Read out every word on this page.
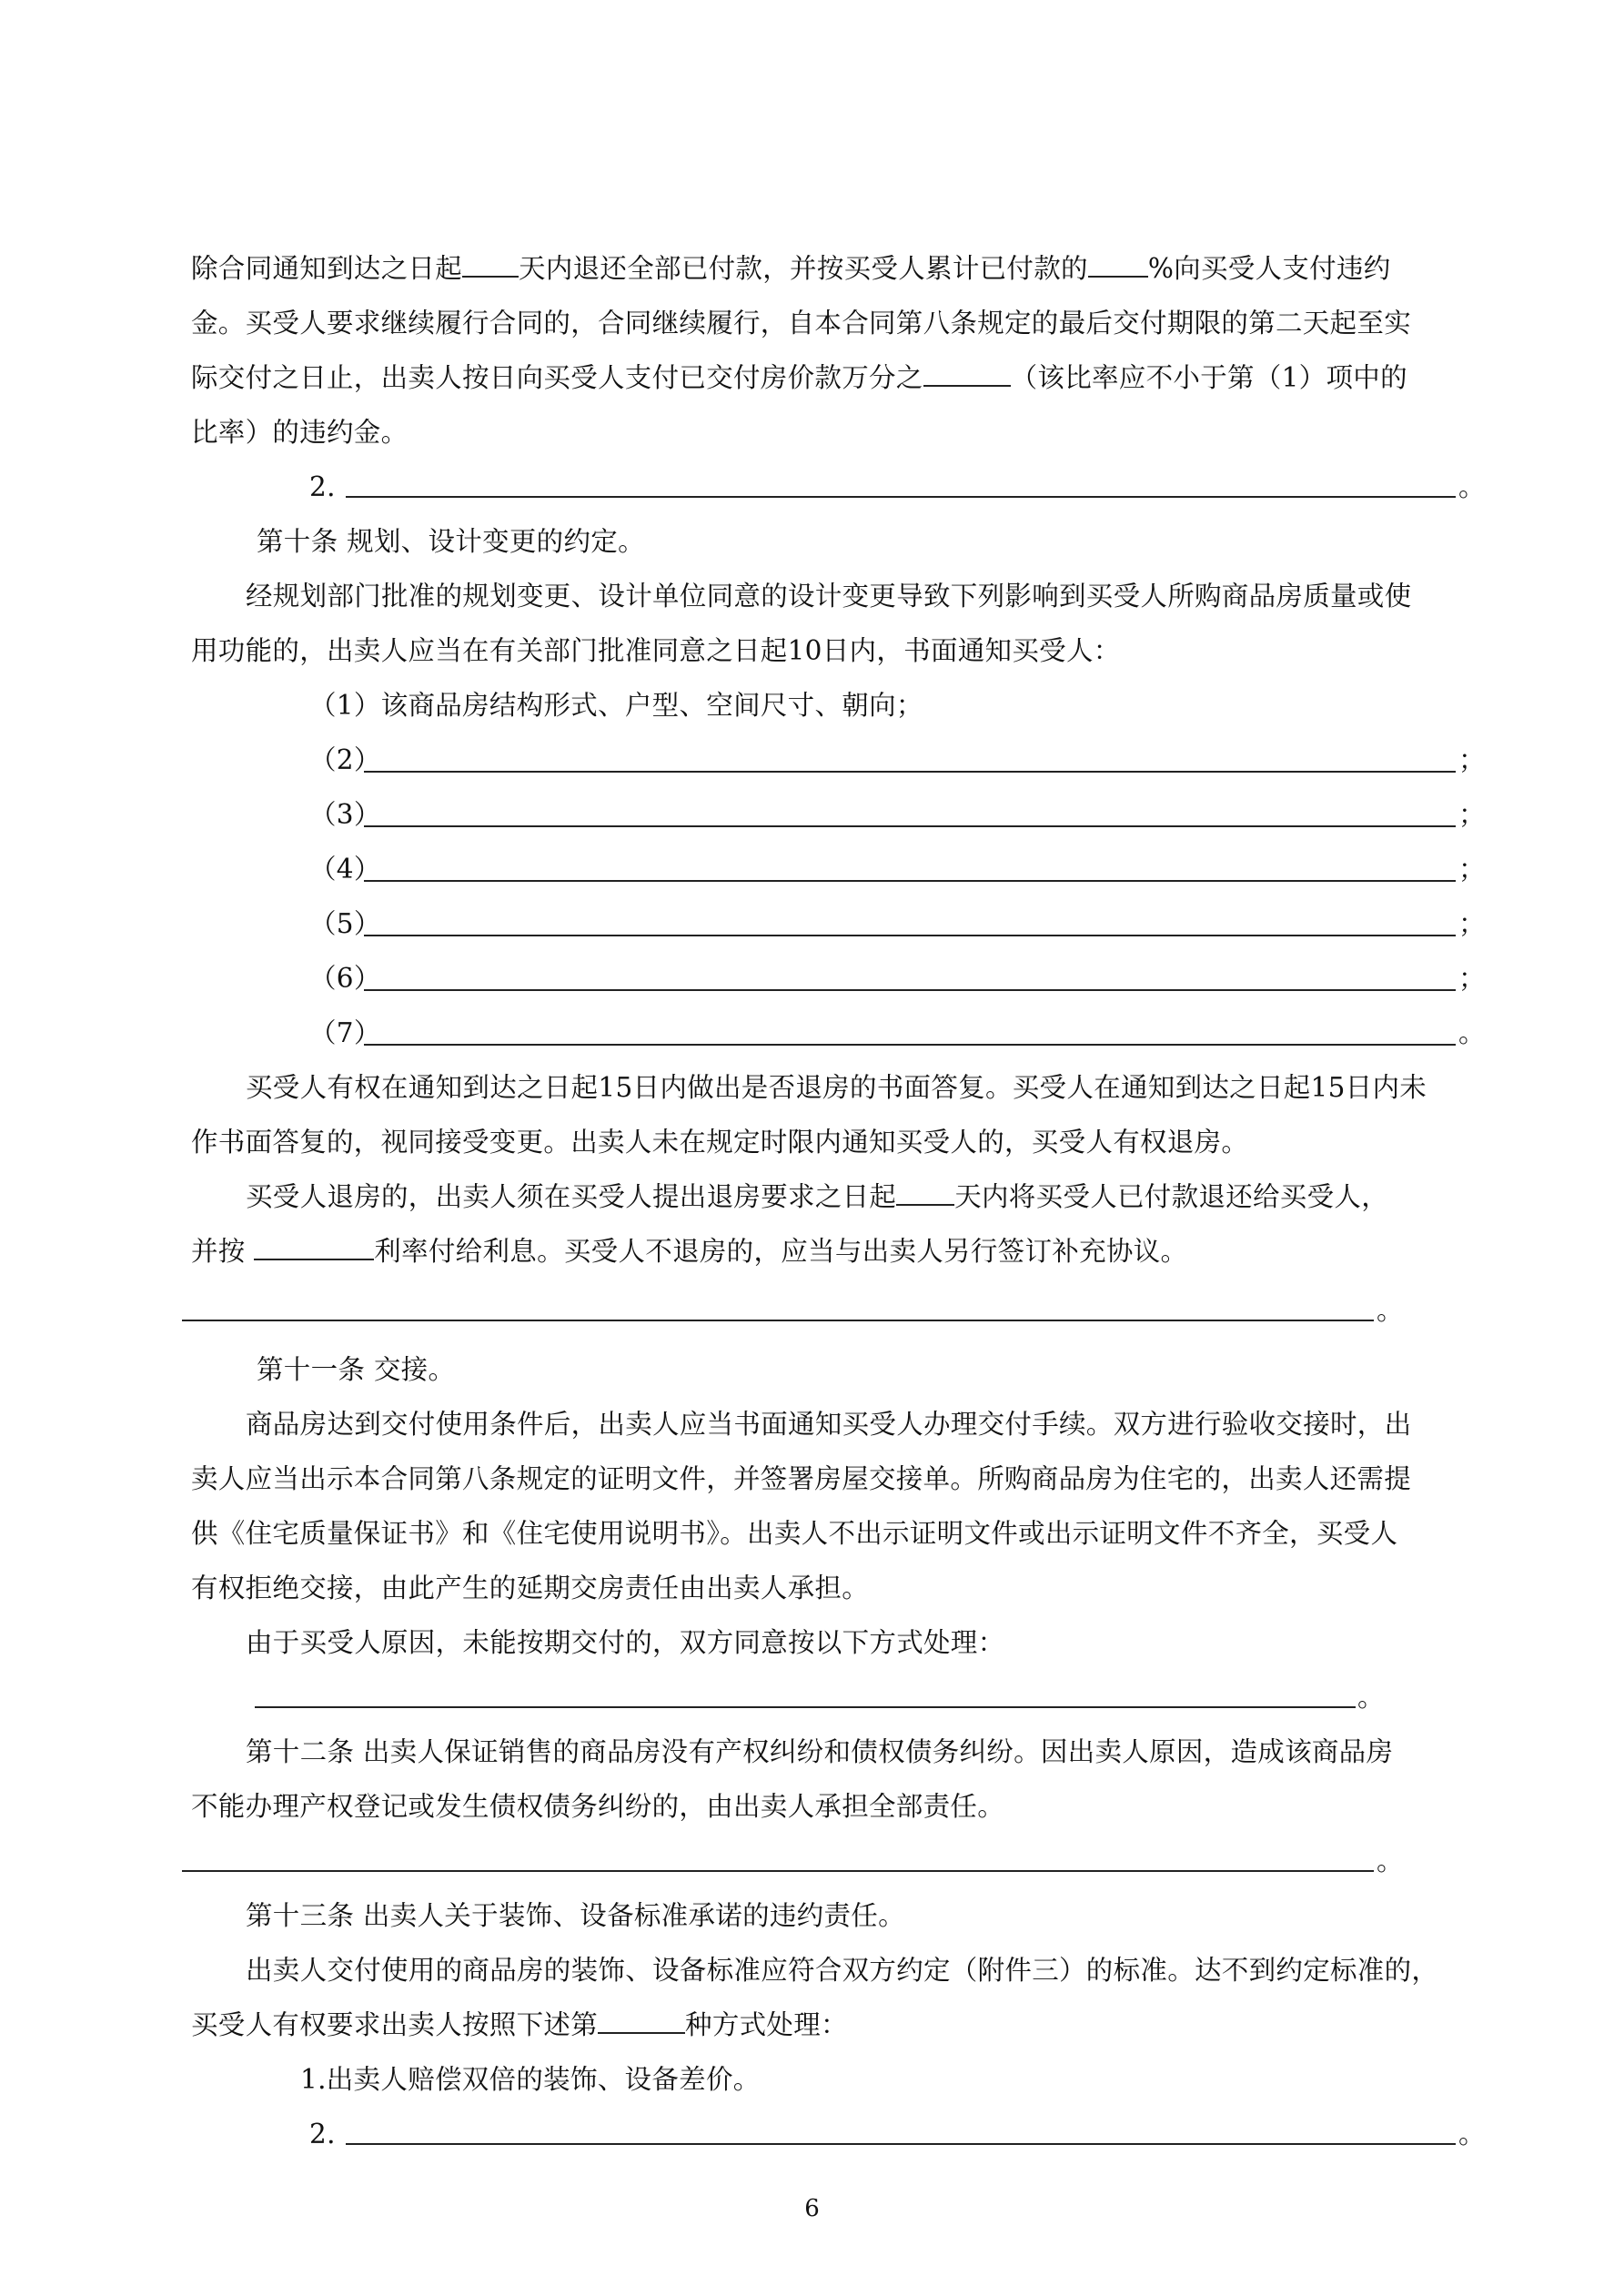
除合同通知到达之日起 天内退还全部已付款，并按买受人累计已付款的 %向买受人支付违约
金。买受人要求继续履行合同的，合同继续履行，自本合同第八条规定的最后交付期限的第二天起至实
际交付之日止，出卖人按日向买受人支付已交付房价款万分之	（该比率应不小于第（1）项中的
比率）的违约金。
2.	。
第十条 规划、设计变更的约定。
经规划部门批准的规划变更、设计单位同意的设计变更导致下列影响到买受人所购商品房质量或使
用功能的，出卖人应当在有关部门批准同意之日起10日内，书面通知买受人：
（1）该商品房结构形式、户型、空间尺寸、朝向；
（2）	；
（3）	；
（4）	；
（5）	；
（6）	；
（7）	。
买受人有权在通知到达之日起15日内做出是否退房的书面答复。买受人在通知到达之日起15日内未
作书面答复的，视同接受变更。出卖人未在规定时限内通知买受人的，买受人有权退房。
买受人退房的，出卖人须在买受人提出退房要求之日起 天内将买受人已付款退还给买受人，
并按	利率付给利息。买受人不退房的，应当与出卖人另行签订补充协议。
。
第十一条 交接。
商品房达到交付使用条件后，出卖人应当书面通知买受人办理交付手续。双方进行验收交接时，出
卖人应当出示本合同第八条规定的证明文件，并签署房屋交接单。所购商品房为住宅的，出卖人还需提
供《住宅质量保证书》和《住宅使用说明书》。出卖人不出示证明文件或出示证明文件不齐全，买受人
有权拒绝交接，由此产生的延期交房责任由出卖人承担。
由于买受人原因，未能按期交付的，双方同意按以下方式处理：
。
第十二条 出卖人保证销售的商品房没有产权纠纷和债权债务纠纷。因出卖人原因，造成该商品房
不能办理产权登记或发生债权债务纠纷的，由出卖人承担全部责任。
。
第十三条 出卖人关于装饰、设备标准承诺的违约责任。
出卖人交付使用的商品房的装饰、设备标准应符合双方约定（附件三）的标准。达不到约定标准的，
买受人有权要求出卖人按照下述第	种方式处理：
1.出卖人赔偿双倍的装饰、设备差价。
2.	。
6
